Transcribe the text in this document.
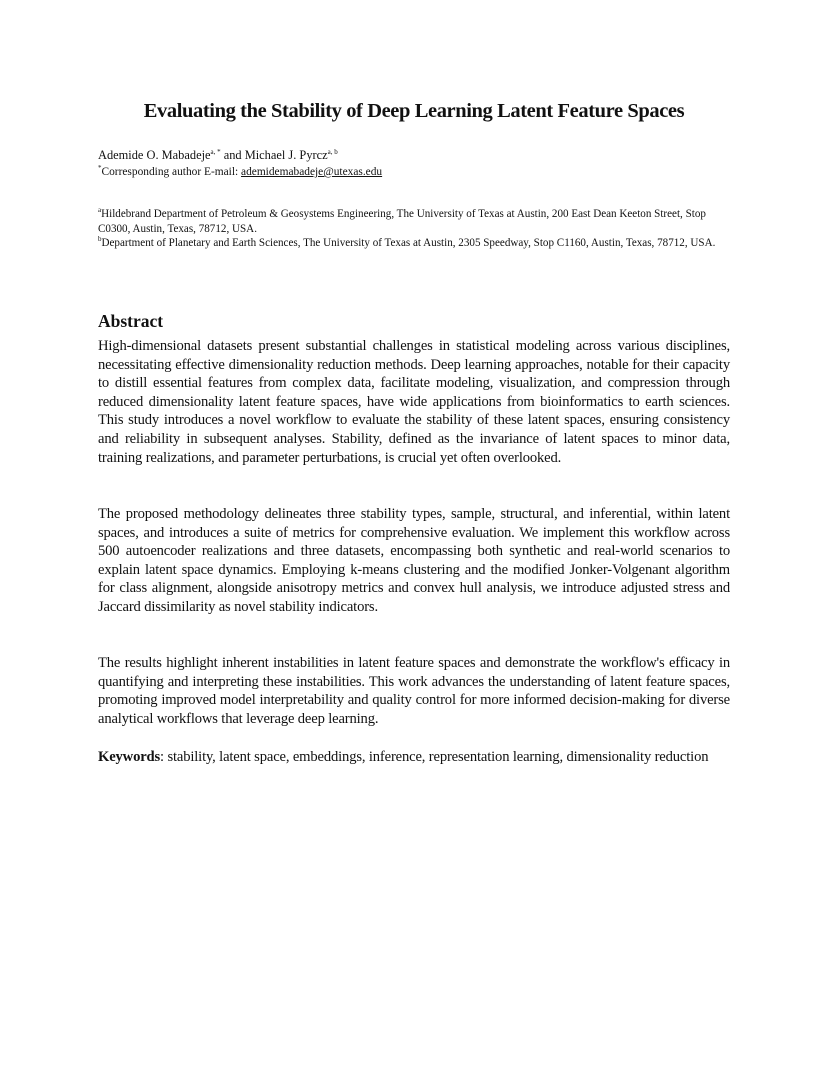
Evaluating the Stability of Deep Learning Latent Feature Spaces
Ademide O. Mabadeje$^{a, *}$ and Michael J. Pyrcz$^{a, b}$
*Corresponding author E-mail: ademidemabadeje@utexas.edu
$^a$Hildebrand Department of Petroleum & Geosystems Engineering, The University of Texas at Austin, 200 East Dean Keeton Street, Stop C0300, Austin, Texas, 78712, USA.
$^b$Department of Planetary and Earth Sciences, The University of Texas at Austin, 2305 Speedway, Stop C1160, Austin, Texas, 78712, USA.
Abstract

High-dimensional datasets present substantial challenges in statistical modeling across various disciplines, necessitating effective dimensionality reduction methods. Deep learning approaches, notable for their capacity to distill essential features from complex data, facilitate modeling, visualization, and compression through reduced dimensionality latent feature spaces, have wide applications from bioinformatics to earth sciences. This study introduces a novel workflow to evaluate the stability of these latent spaces, ensuring consistency and reliability in subsequent analyses. Stability, defined as the invariance of latent spaces to minor data, training realizations, and parameter perturbations, is crucial yet often overlooked.

The proposed methodology delineates three stability types, sample, structural, and inferential, within latent spaces, and introduces a suite of metrics for comprehensive evaluation. We implement this workflow across 500 autoencoder realizations and three datasets, encompassing both synthetic and real-world scenarios to explain latent space dynamics. Employing k-means clustering and the modified Jonker-Volgenant algorithm for class alignment, alongside anisotropy metrics and convex hull analysis, we introduce adjusted stress and Jaccard dissimilarity as novel stability indicators.

The results highlight inherent instabilities in latent feature spaces and demonstrate the workflow's efficacy in quantifying and interpreting these instabilities. This work advances the understanding of latent feature spaces, promoting improved model interpretability and quality control for more informed decision-making for diverse analytical workflows that leverage deep learning.

Keywords: stability, latent space, embeddings, inference, representation learning, dimensionality reduction
